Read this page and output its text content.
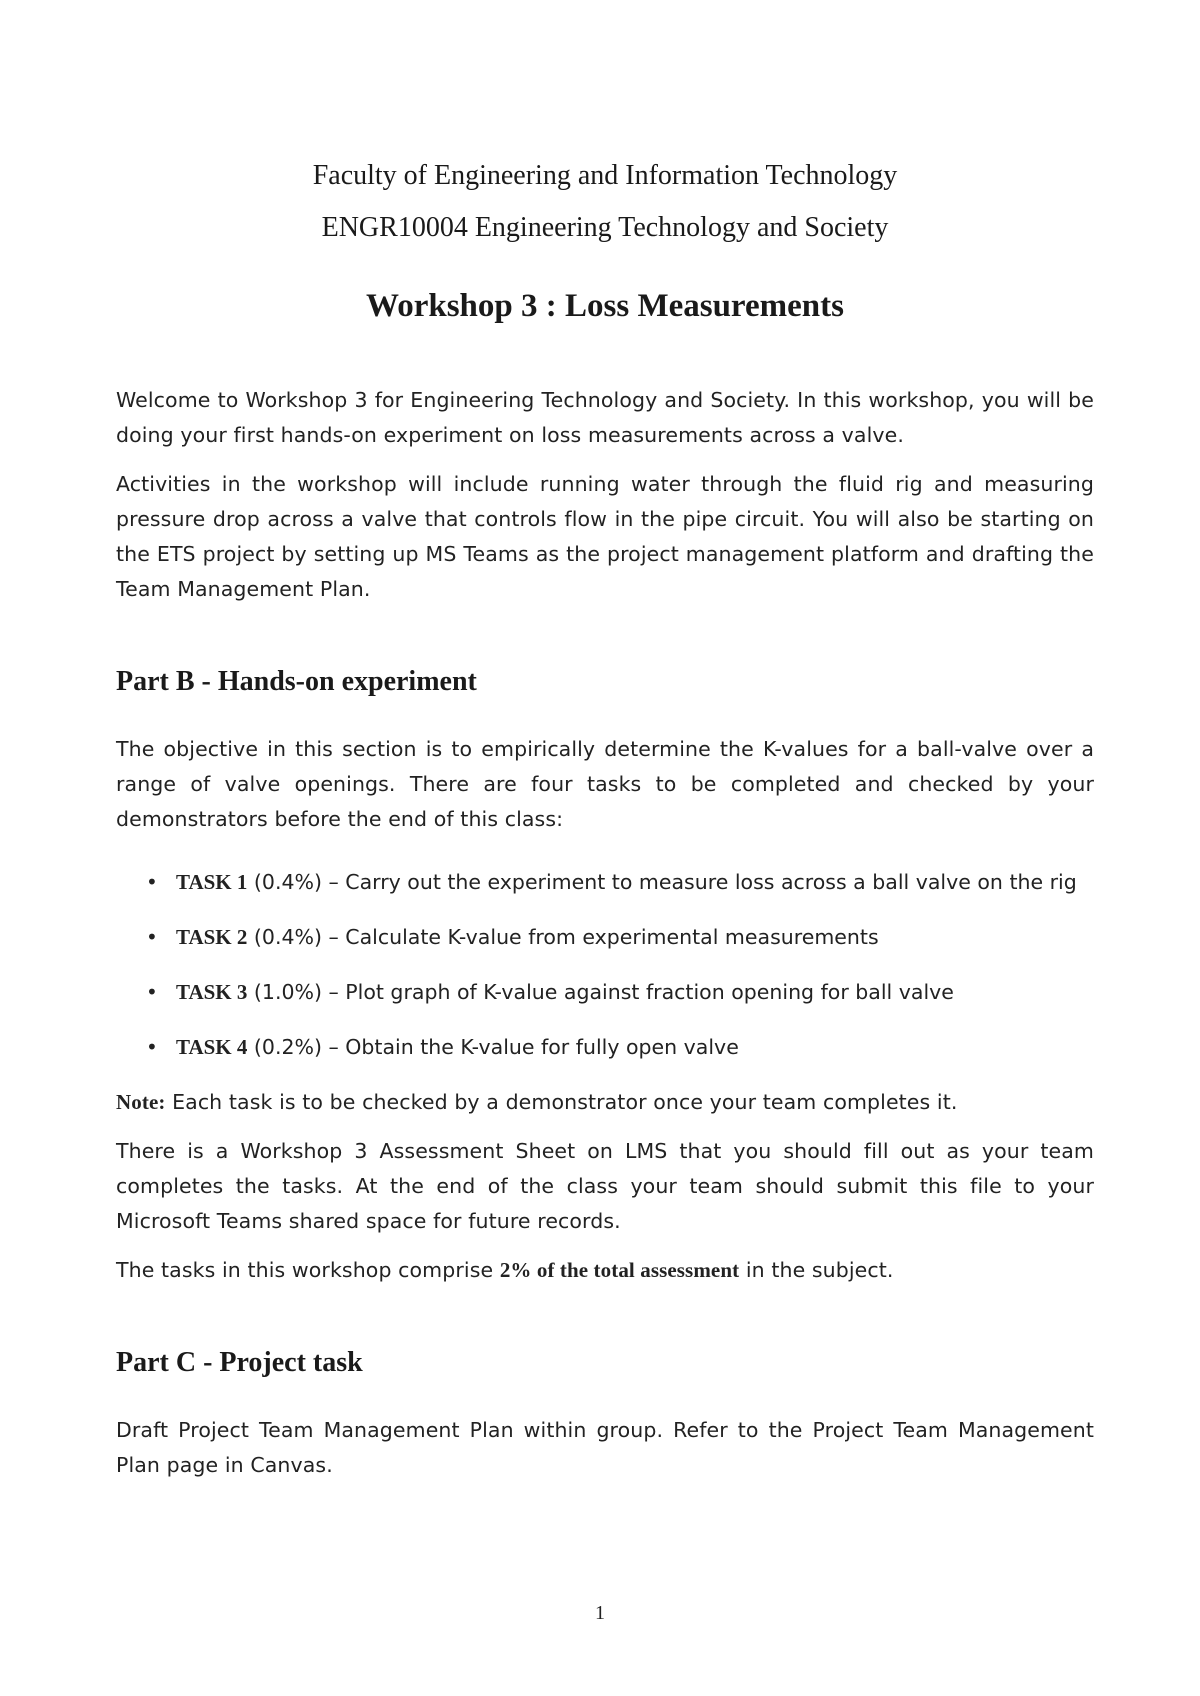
Faculty of Engineering and Information Technology
ENGR10004 Engineering Technology and Society
Workshop 3 : Loss Measurements

Welcome to Workshop 3 for Engineering Technology and Society. In this workshop, you will be doing your first hands-on experiment on loss measurements across a valve.

Activities in the workshop will include running water through the fluid rig and measuring pressure drop across a valve that controls flow in the pipe circuit. You will also be starting on the ETS project by setting up MS Teams as the project management platform and drafting the Team Management Plan.

Part B - Hands-on experiment

The objective in this section is to empirically determine the K-values for a ball-valve over a range of valve openings. There are four tasks to be completed and checked by your demonstrators before the end of this class:

• TASK 1 (0.4%) – Carry out the experiment to measure loss across a ball valve on the rig
• TASK 2 (0.4%) – Calculate K-value from experimental measurements
• TASK 3 (1.0%) – Plot graph of K-value against fraction opening for ball valve
• TASK 4 (0.2%) – Obtain the K-value for fully open valve

Note: Each task is to be checked by a demonstrator once your team completes it.

There is a Workshop 3 Assessment Sheet on LMS that you should fill out as your team completes the tasks. At the end of the class your team should submit this file to your Microsoft Teams shared space for future records.

The tasks in this workshop comprise 2% of the total assessment in the subject.

Part C - Project task

Draft Project Team Management Plan within group. Refer to the Project Team Management Plan page in Canvas.

1
